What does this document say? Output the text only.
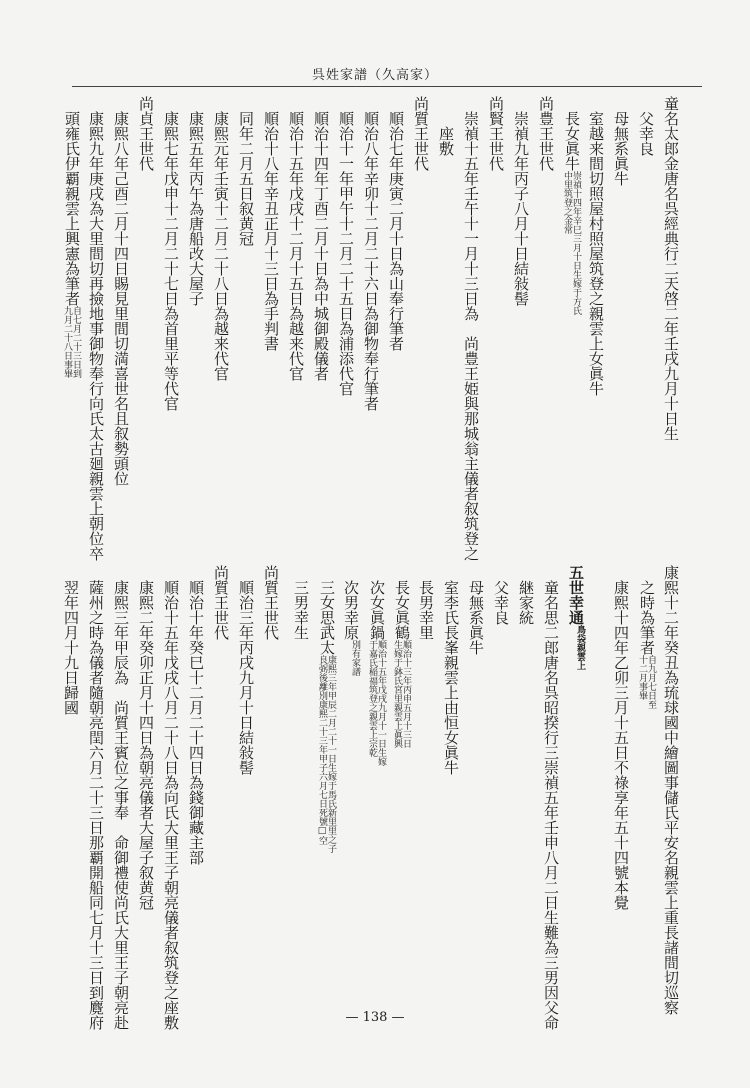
呉姓家譜（久高家）
童名太郎金唐名呉經典行二天啓二年壬戌九月十日生
父幸良
母無系眞牛
室越来間切照屋村照屋筑登之親雲上女眞牛
長女眞牛
崇禎十四年辛巳三月十日生嫁于方氏
中里筑登之金常
尚豊王世代
崇禎九年丙子八月十日結敍髻
尚賢王世代
崇禎十五年壬午十一月十三日為　尚豊王姫與那城翁主儀者叙筑登之
座敷
尚質王世代
順治七年庚寅二月十日為山奉行筆者
順治八年辛卯十二月二十六日為御物奉行筆者
順治十一年甲午十二月二十五日為浦添代官
順治十四年丁酉二月十日為中城御殿儀者
順治十五年戊戌十二月十五日為越来代官
順治十八年辛丑正月十三日為手判書
同年二月五日叙黄冠
康熙元年壬寅十二月二十八日為越来代官
康熙五年丙午為唐船改大屋子
康熙七年戊申十二月二十七日為首里平等代官
尚貞王世代
康熙八年己酉二月十四日賜見里間切満喜世名且叙勢頭位
康熙九年庚戌為大里間切再撿地事御物奉行向氏太古廻親雲上朝位卒
頭雍氏伊覇親雲上興憲為筆者
自七月二十三日到
九月二十八日事畢
康熙十二年癸丑為琉球國中繪圖事儲氏平安名親雲上重長諸間切巡察
之時為筆者
自九月七日至
十二月事畢
康熙十四年乙卯三月十五日不祿享年五十四號本覺
五世幸通
鳥袋親雲上
童名思二郎唐名呉昭揆行三崇禎五年壬申八月二日生難為三男因父命
継家統
父幸良
母無系眞牛
室李氏長峯親雲上由恒女眞牛
長男幸里
長女眞鶴
順治十三年丙申五月十三日
生嫁于鉢氏宮里親雲上眞興
次女眞鍋
順治十五年戊戌九月十一日生嫁
于嘉氏稲福筑登之親雲上宗乾
次男幸原
別有家譜
三女思武太
康熙三年甲辰二月二十一日生嫁于馬氏新里里之子
良弼後離別康熙二十三年甲子六月七日死號□空
三男幸生
尚質王世代
順治三年丙戌九月十日結敍髻
尚質王世代
順治十年癸巳十二月二十四日為錢御藏主部
順治十五年戊戌八月二十八日為向氏大里王子朝亮儀者叙筑登之座敷
康熙二年癸卯正月十四日為朝亮儀者大屋子叙黄冠
康熙三年甲辰為　尚質王賓位之事奉　命御禮使尚氏大里王子朝亮赴
薩州之時為儀者隨朝亮閏六月二十三日那覇開船同七月十三日到麑府
翌年四月十九日歸國
— 138 —
